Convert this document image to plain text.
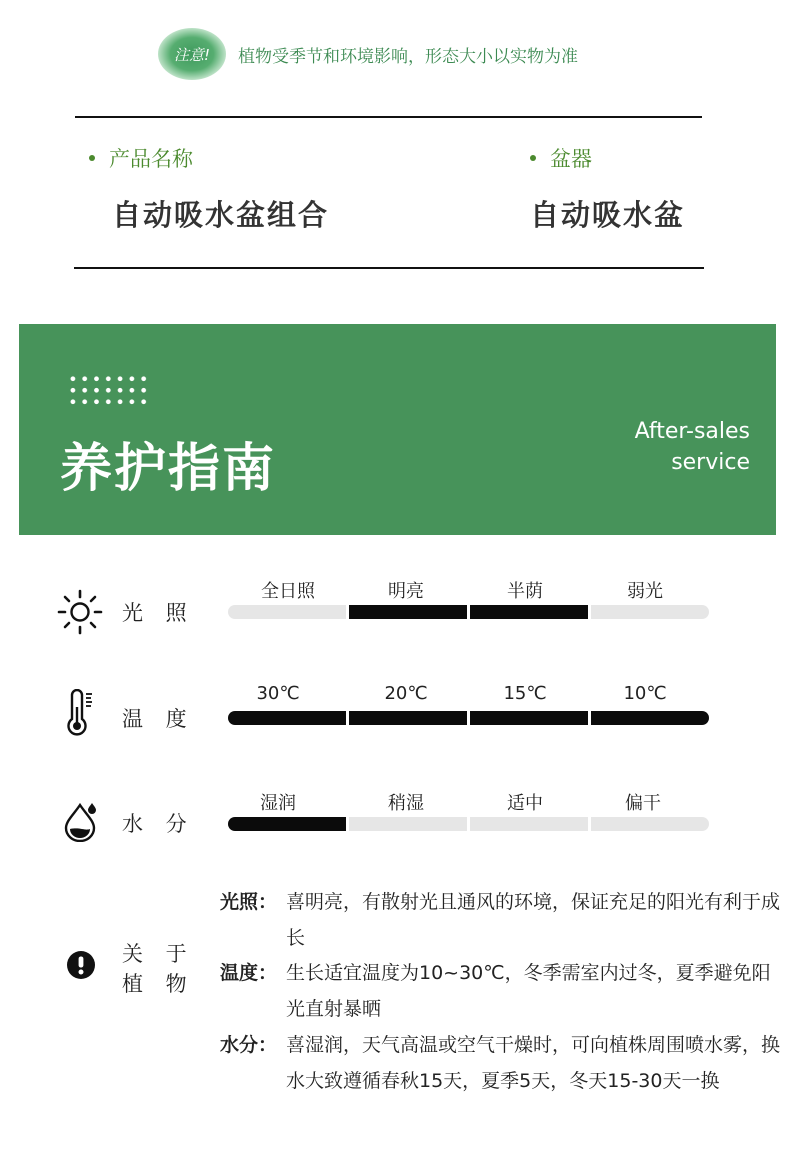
注意!	植物受季节和环境影响，形态大小以实物为准
产品名称
自动吸水盆组合
盆器
自动吸水盆
养护指南
After-sales
service
光 照
全日照	明亮	半荫	弱光
温 度
30℃	20℃	15℃	10℃
水 分
湿润	稍湿	适中	偏干
关 于
植 物
光照： 喜明亮，有散射光且通风的环境，保证充足的阳光有利于成长
温度： 生长适宜温度为10~30℃，冬季需室内过冬，夏季避免阳光直射暴晒
水分： 喜湿润，天气高温或空气干燥时，可向植株周围喷水雾，换水大致遵循春秋15天，夏季5天，冬天15-30天一换
